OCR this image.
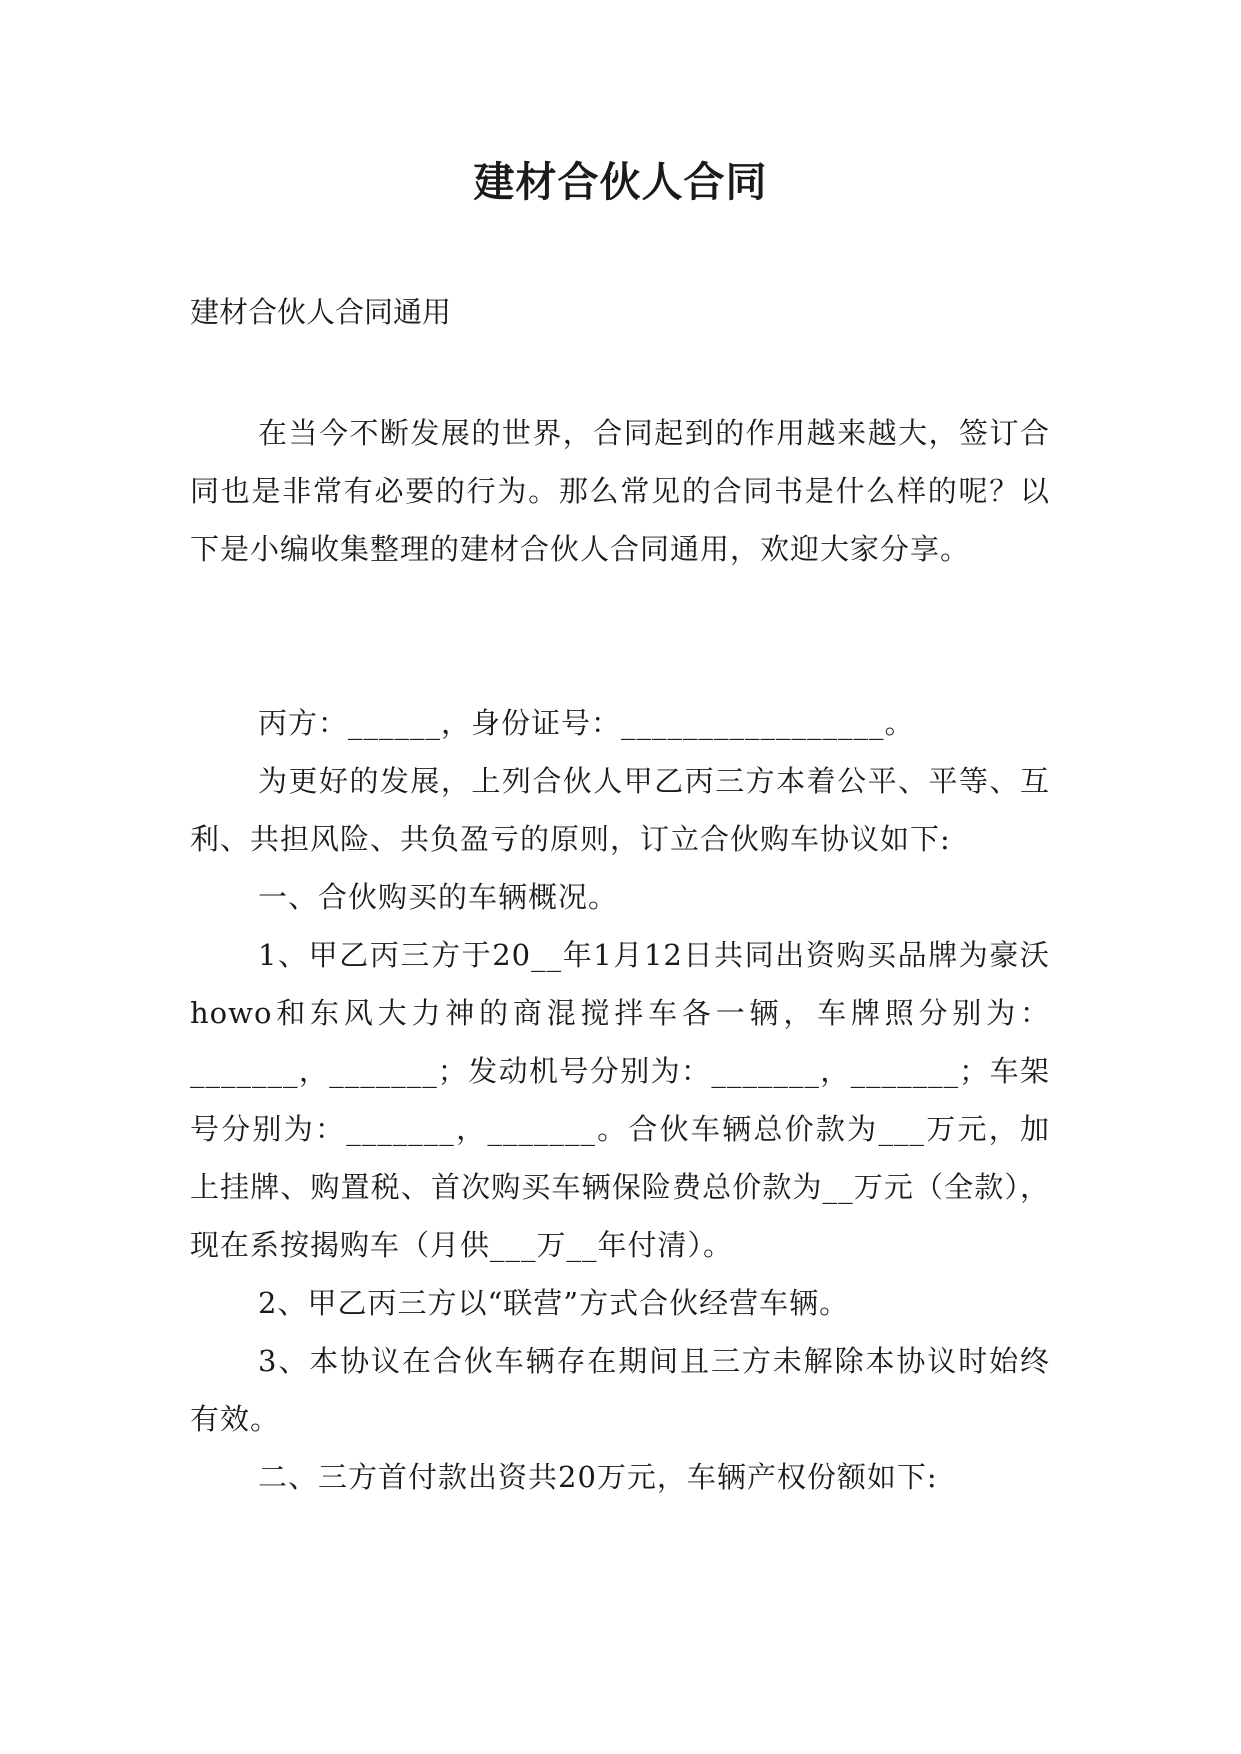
建材合伙人合同
建材合伙人合同通用

在当今不断发展的世界，合同起到的作用越来越大，签订合同也是非常有必要的行为。那么常见的合同书是什么样的呢？以下是小编收集整理的建材合伙人合同通用，欢迎大家分享。

丙方：______，身份证号：_________________。

为更好的发展，上列合伙人甲乙丙三方本着公平、平等、互利、共担风险、共负盈亏的原则，订立合伙购车协议如下:

一、合伙购买的车辆概况。

1、甲乙丙三方于20__年1月12日共同出资购买品牌为豪沃howo和东风大力神的商混搅拌车各一辆，车牌照分别为：_______，_______；发动机号分别为：_______，_______；车架号分别为：_______，_______。合伙车辆总价款为___万元，加上挂牌、购置税、首次购买车辆保险费总价款为__万元（全款），现在系按揭购车（月供___万__年付清）。

2、甲乙丙三方以“联营”方式合伙经营车辆。

3、本协议在合伙车辆存在期间且三方未解除本协议时始终有效。

二、三方首付款出资共20万元，车辆产权份额如下:
